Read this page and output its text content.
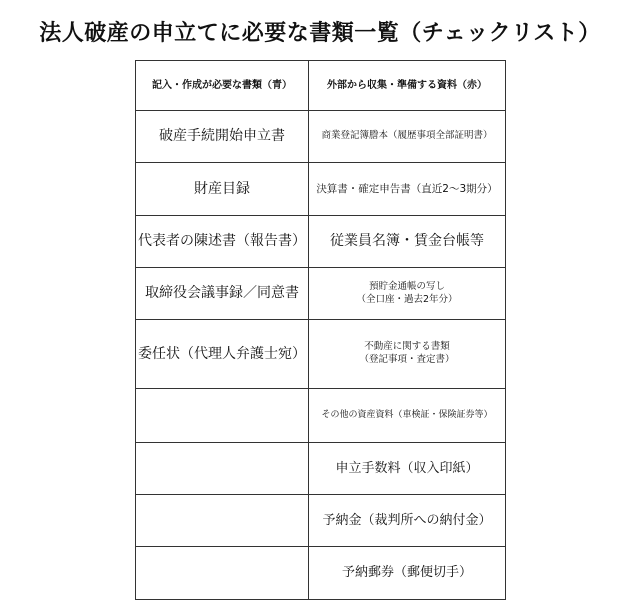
法人破産の申立てに必要な書類一覧（チェックリスト）
記入・作成が必要な書類（青）	外部から収集・準備する資料（赤）
破産手続開始申立書	商業登記簿謄本（履歴事項全部証明書）
財産目録	決算書・確定申告書（直近2〜3期分）
代表者の陳述書（報告書）	従業員名簿・賃金台帳等
取締役会議事録／同意書	預貯金通帳の写し
（全口座・過去2年分）

委任状（代理人弁護士宛）	不動産に関する書類
（登記事項・査定書）

	その他の資産資料（車検証・保険証券等）
	申立手数料（収入印紙）
	予納金（裁判所への納付金）
	予納郵券（郵便切手）
